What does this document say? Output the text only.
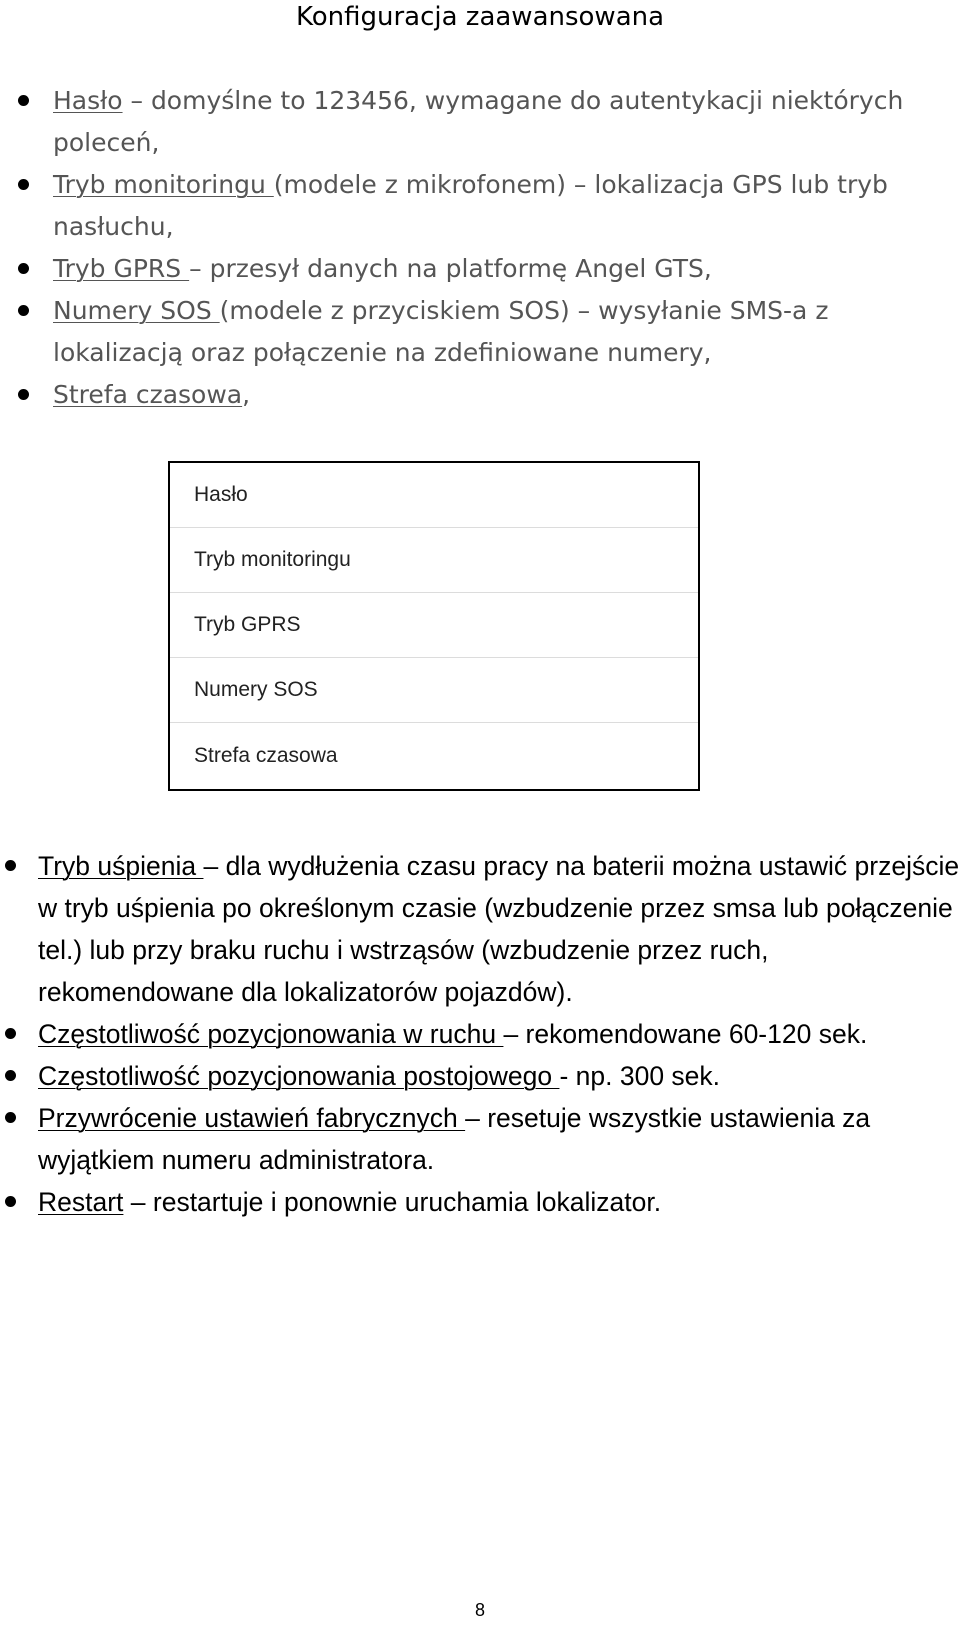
Konfiguracja zaawansowana
Hasło – domyślne to 123456, wymagane do autentykacji niektórych poleceń,
Tryb monitoringu (modele z mikrofonem) – lokalizacja GPS lub tryb nasłuchu,
Tryb GPRS – przesył danych na platformę Angel GTS,
Numery SOS (modele z przyciskiem SOS) – wysyłanie SMS-a z lokalizacją oraz połączenie na zdefiniowane numery,
Strefa czasowa,
Hasło
Tryb monitoringu
Tryb GPRS
Numery SOS
Strefa czasowa
Tryb uśpienia – dla wydłużenia czasu pracy na baterii można ustawić przejście w tryb uśpienia po określonym czasie (wzbudzenie przez smsa lub połączenie tel.) lub przy braku ruchu i wstrząsów (wzbudzenie przez ruch, rekomendowane dla lokalizatorów pojazdów).
Częstotliwość pozycjonowania w ruchu – rekomendowane 60-120 sek.
Częstotliwość pozycjonowania postojowego - np. 300 sek.
Przywrócenie ustawień fabrycznych – resetuje wszystkie ustawienia za wyjątkiem numeru administratora.
Restart – restartuje i ponownie uruchamia lokalizator.
8
